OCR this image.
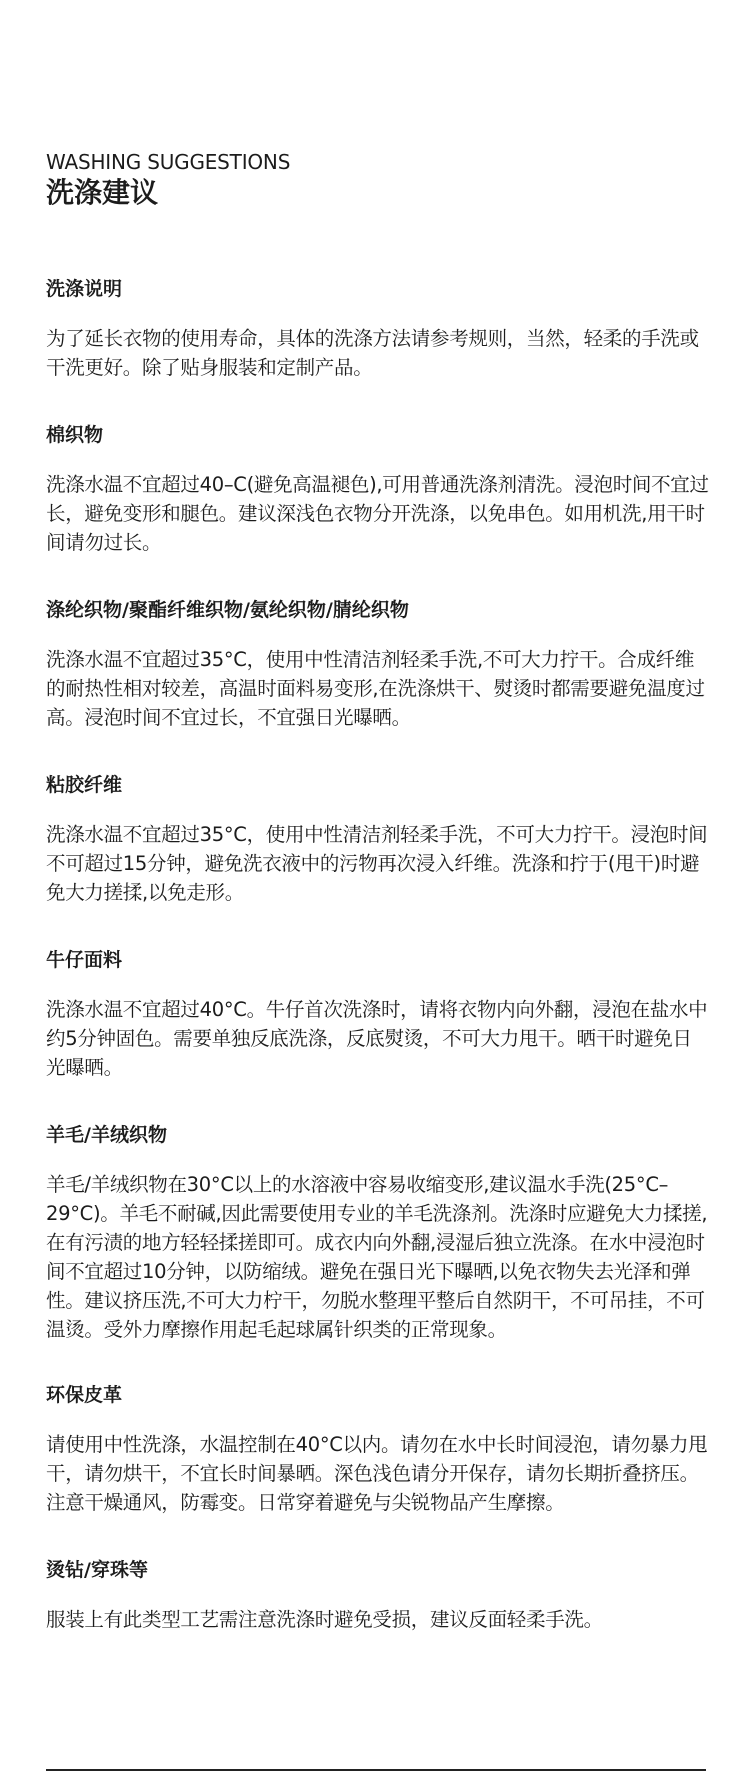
WASHING SUGGESTIONS
洗涤建议
洗涤说明

为了延长衣物的使用寿命，具体的洗涤方法请参考规则，当然，轻柔的手洗或干洗更好。除了贴身服装和定制产品。

棉织物

洗涤水温不宜超过40–C(避免高温褪色),可用普通洗涤剂清洗。浸泡时间不宜过长，避免变形和腿色。建议深浅色衣物分开洗涤，以免串色。如用机洗,用干时间请勿过长。

涤纶织物/聚酯纤维织物/氨纶织物/腈纶织物

洗涤水温不宜超过35°C，使用中性清洁剂轻柔手洗,不可大力拧干。合成纤维的耐热性相对较差，高温时面料易变形,在洗涤烘干、熨烫时都需要避免温度过高。浸泡时间不宜过长，不宜强日光曝晒。

粘胶纤维

洗涤水温不宜超过35°C，使用中性清洁剂轻柔手洗，不可大力拧干。浸泡时间不可超过15分钟，避免洗衣液中的污物再次浸入纤维。洗涤和拧于(甩干)时避免大力搓揉,以免走形。

牛仔面料

洗涤水温不宜超过40°C。牛仔首次洗涤时，请将衣物内向外翻，浸泡在盐水中约5分钟固色。需要单独反底洗涤，反底熨烫，不可大力甩干。晒干时避免日光曝晒。

羊毛/羊绒织物

羊毛/羊绒织物在30°C以上的水溶液中容易收缩变形,建议温水手洗(25°C–29°C)。羊毛不耐碱,因此需要使用专业的羊毛洗涤剂。洗涤时应避免大力揉搓,在有污渍的地方轻轻揉搓即可。成衣内向外翻,浸湿后独立洗涤。在水中浸泡时间不宜超过10分钟，以防缩绒。避免在强日光下曝晒,以免衣物失去光泽和弹性。建议挤压洗,不可大力柠干，勿脱水整理平整后自然阴干，不可吊挂，不可温烫。受外力摩擦作用起毛起球属针织类的正常现象。

环保皮革

请使用中性洗涤，水温控制在40°C以内。请勿在水中长时间浸泡，请勿暴力甩干，请勿烘干，不宜长时间暴晒。深色浅色请分开保存，请勿长期折叠挤压。注意干燥通风，防霉变。日常穿着避免与尖锐物品产生摩擦。

烫钻/穿珠等

服装上有此类型工艺需注意洗涤时避免受损，建议反面轻柔手洗。
